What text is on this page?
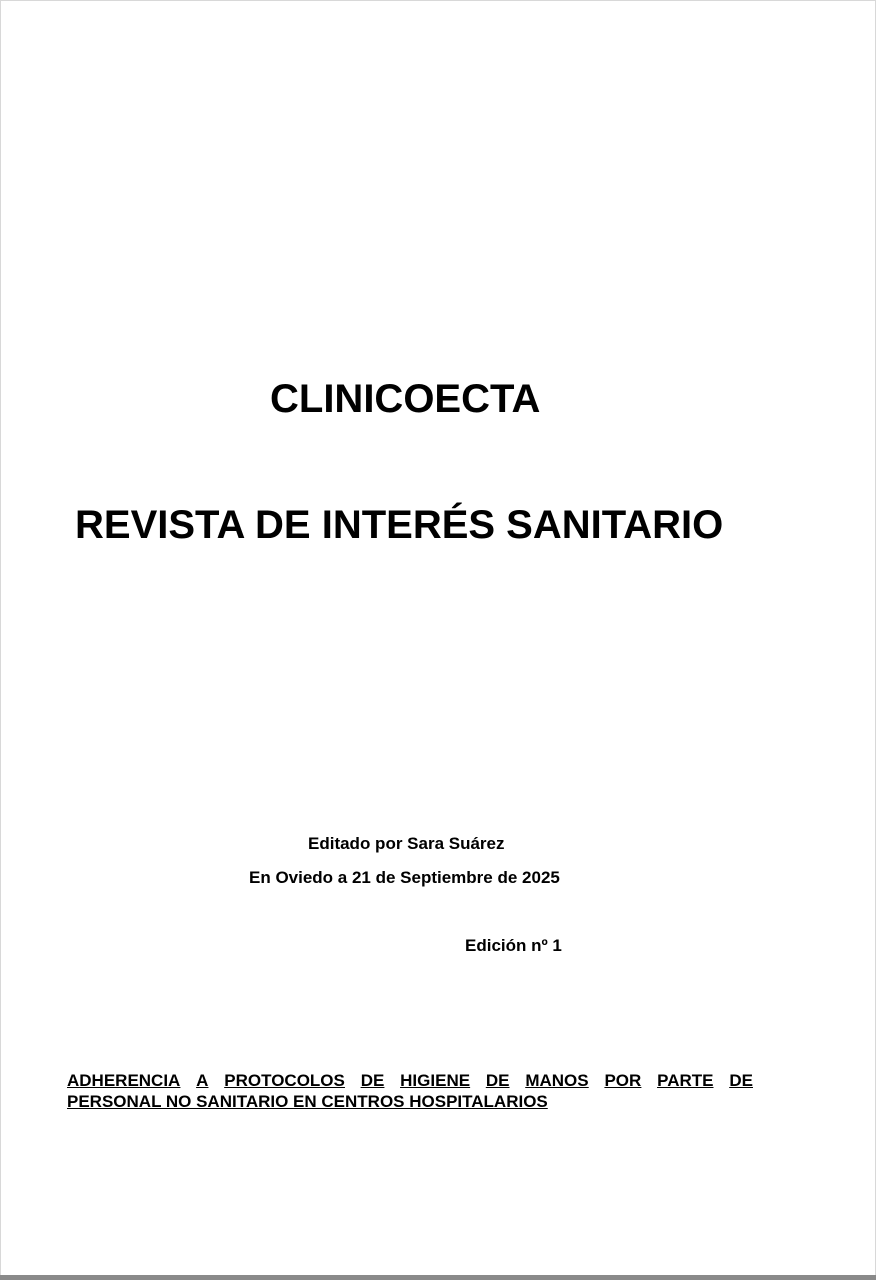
CLINICOECTA
REVISTA DE INTERÉS SANITARIO
Editado por Sara Suárez
En Oviedo a 21 de Septiembre de 2025
Edición nº 1
ADHERENCIA A PROTOCOLOS DE HIGIENE DE MANOS POR PARTE DE
PERSONAL NO SANITARIO EN CENTROS HOSPITALARIOS
